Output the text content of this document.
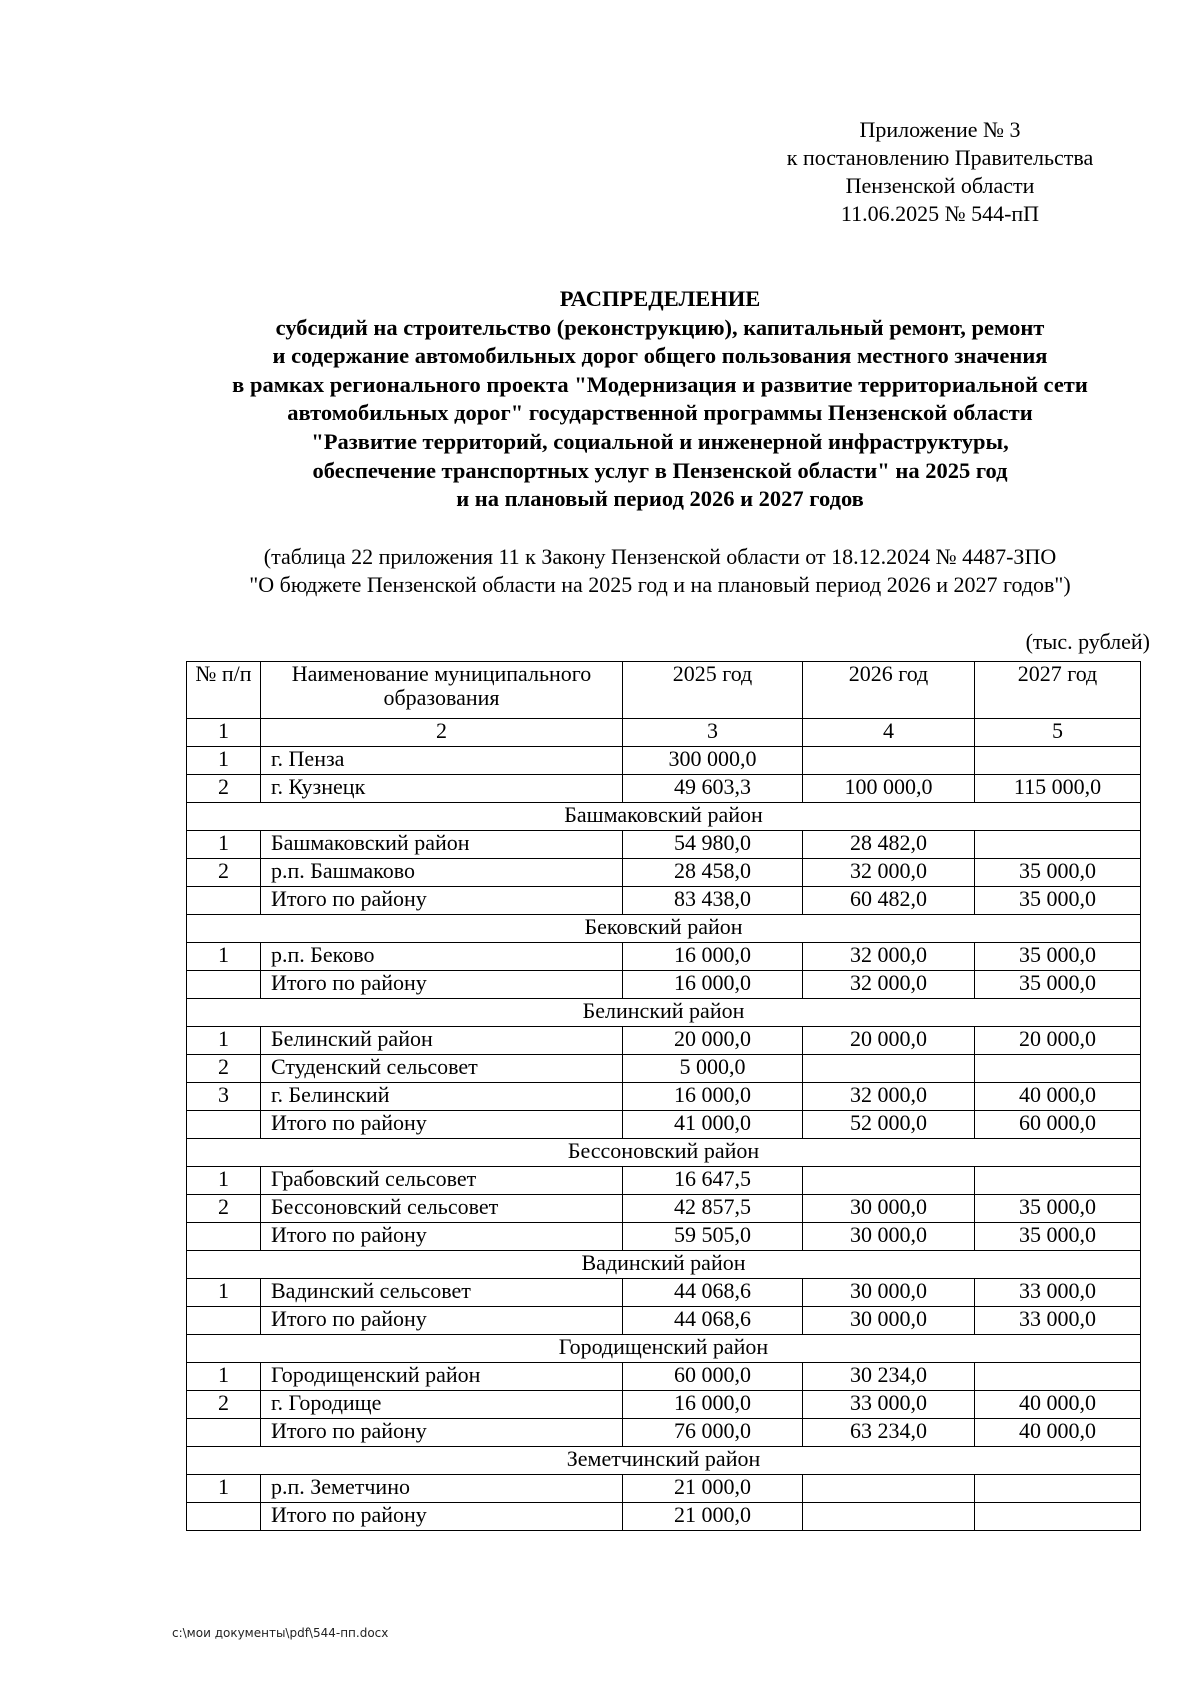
Приложение № 3
к постановлению Правительства
Пензенской области
11.06.2025 № 544-пП
РАСПРЕДЕЛЕНИЕ
субсидий на строительство (реконструкцию), капитальный ремонт, ремонт
и содержание автомобильных дорог общего пользования местного значения
в рамках регионального проекта "Модернизация и развитие территориальной сети
автомобильных дорог" государственной программы Пензенской области
"Развитие территорий, социальной и инженерной инфраструктуры,
обеспечение транспортных услуг в Пензенской области" на 2025 год
и на плановый период 2026 и 2027 годов
(таблица 22 приложения 11 к Закону Пензенской области от 18.12.2024 № 4487-ЗПО
"О бюджете Пензенской области на 2025 год и на плановый период 2026 и 2027 годов")
(тыс. рублей)
№ п/п	Наименование муниципального образования	2025 год	2026 год	2027 год
1	2	3	4	5
1	г. Пенза	300 000,0		
2	г. Кузнецк	49 603,3	100 000,0	115 000,0
Башмаковский район				
1	Башмаковский район	54 980,0	28 482,0	
2	р.п. Башмаково	28 458,0	32 000,0	35 000,0
	Итого по району	83 438,0	60 482,0	35 000,0
Бековский район				
1	р.п. Беково	16 000,0	32 000,0	35 000,0
	Итого по району	16 000,0	32 000,0	35 000,0
Белинский район				
1	Белинский район	20 000,0	20 000,0	20 000,0
2	Студенский сельсовет	5 000,0		
3	г. Белинский	16 000,0	32 000,0	40 000,0
	Итого по району	41 000,0	52 000,0	60 000,0
Бессоновский район				
1	Грабовский сельсовет	16 647,5		
2	Бессоновский сельсовет	42 857,5	30 000,0	35 000,0
	Итого по району	59 505,0	30 000,0	35 000,0
Вадинский район				
1	Вадинский сельсовет	44 068,6	30 000,0	33 000,0
	Итого по району	44 068,6	30 000,0	33 000,0
Городищенский район				
1	Городищенский район	60 000,0	30 234,0	
2	г. Городище	16 000,0	33 000,0	40 000,0
	Итого по району	76 000,0	63 234,0	40 000,0
Земетчинский район				
1	р.п. Земетчино	21 000,0		
	Итого по району	21 000,0		
c:\мои документы\pdf\544-пп.docx
